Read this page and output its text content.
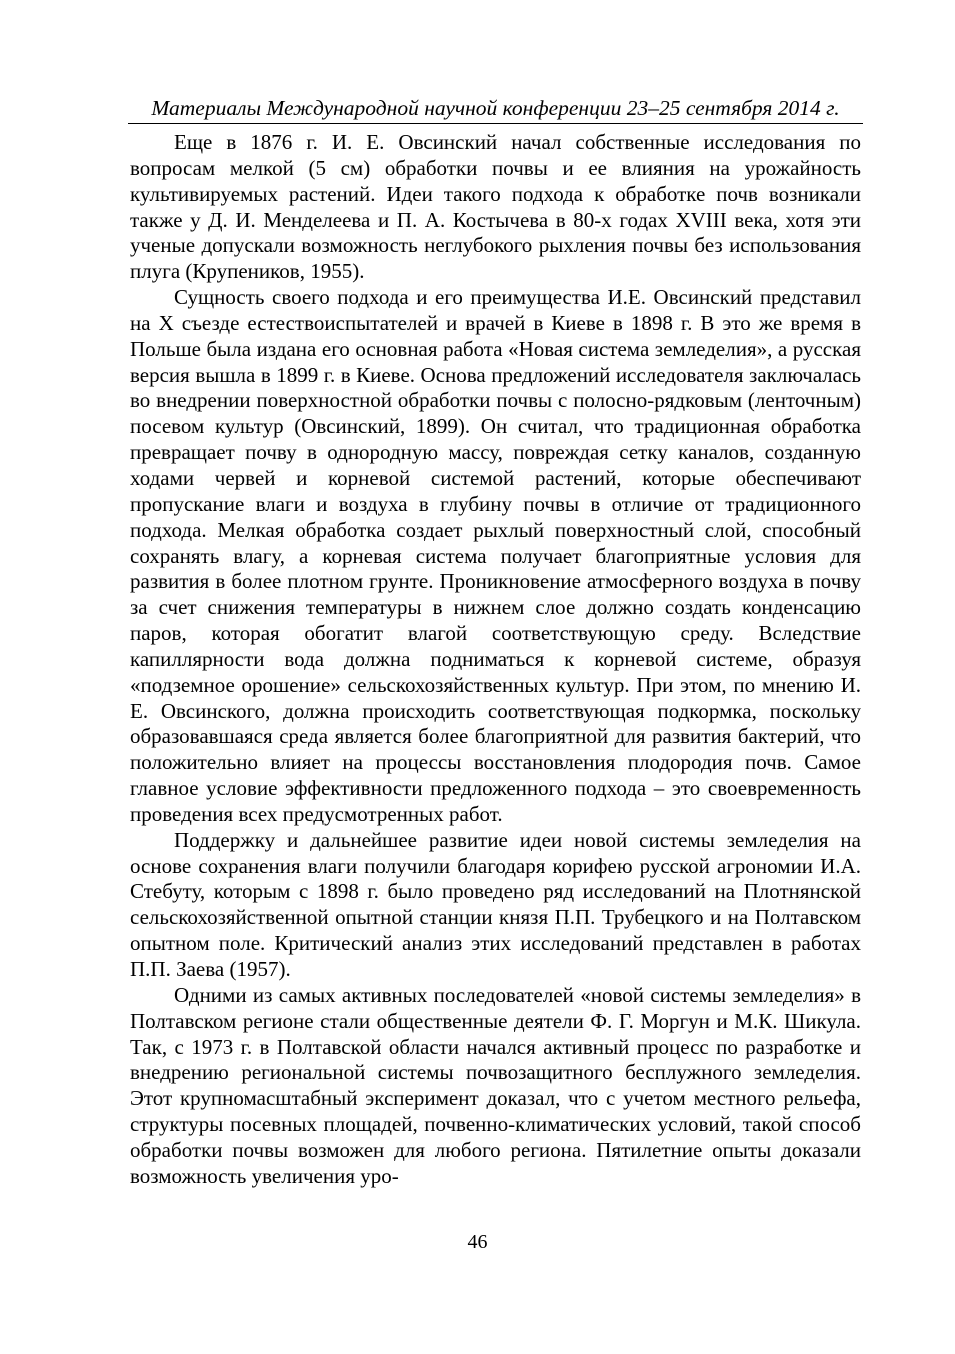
Материалы Международной научной конференции 23–25 сентября 2014 г.

Еще в 1876 г. И. Е. Овсинский начал собственные исследования по вопросам мелкой (5 см) обработки почвы и ее влияния на урожайность культивируемых растений. Идеи такого подхода к обработке почв возникали также у Д. И. Менделеева и П. А. Костычева в 80-х годах XVIII века, хотя эти ученые допускали возможность неглубокого рыхления почвы без использования плуга (Крупеников, 1955).

Сущность своего подхода и его преимущества И.Е. Овсинский представил на X съезде естествоиспытателей и врачей в Киеве в 1898 г. В это же время в Польше была издана его основная работа «Новая система земледелия», а русская версия вышла в 1899 г. в Киеве. Основа предложений исследователя заключалась во внедрении поверхностной обработки почвы с полосно-рядковым (ленточным) посевом культур (Овсинский, 1899). Он считал, что традиционная обработка превращает почву в однородную массу, повреждая сетку каналов, созданную ходами червей и корневой системой растений, которые обеспечивают пропускание влаги и воздуха в глубину почвы в отличие от традиционного подхода. Мелкая обработка создает рыхлый поверхностный слой, способный сохранять влагу, а корневая система получает благоприятные условия для развития в более плотном грунте. Проникновение атмосферного воздуха в почву за счет снижения температуры в нижнем слое должно создать конденсацию паров, которая обогатит влагой соответствующую среду. Вследствие капиллярности вода должна подниматься к корневой системе, образуя «подземное орошение» сельскохозяйственных культур. При этом, по мнению И. Е. Овсинского, должна происходить соответствующая подкормка, поскольку образовавшаяся среда является более благоприятной для развития бактерий, что положительно влияет на процессы восстановления плодородия почв. Самое главное условие эффективности предложенного подхода – это своевременность проведения всех предусмотренных работ.

Поддержку и дальнейшее развитие идеи новой системы земледелия на основе сохранения влаги получили благодаря корифею русской агрономии И.А. Стебуту, которым с 1898 г. было проведено ряд исследований на Плотнянской сельскохозяйственной опытной станции князя П.П. Трубецкого и на Полтавском опытном поле. Критический анализ этих исследований представлен в работах П.П. Заева (1957).

Одними из самых активных последователей «новой системы земледелия» в Полтавском регионе стали общественные деятели Ф. Г. Моргун и М.К. Шикула. Так, с 1973 г. в Полтавской области начался активный процесс по разработке и внедрению региональной системы почвозащитного бесплужного земледелия. Этот крупномасштабный эксперимент доказал, что с учетом местного рельефа, структуры посевных площадей, почвенно-климатических условий, такой способ обработки почвы возможен для любого региона. Пятилетние опыты доказали возможность увеличения уро-

46
